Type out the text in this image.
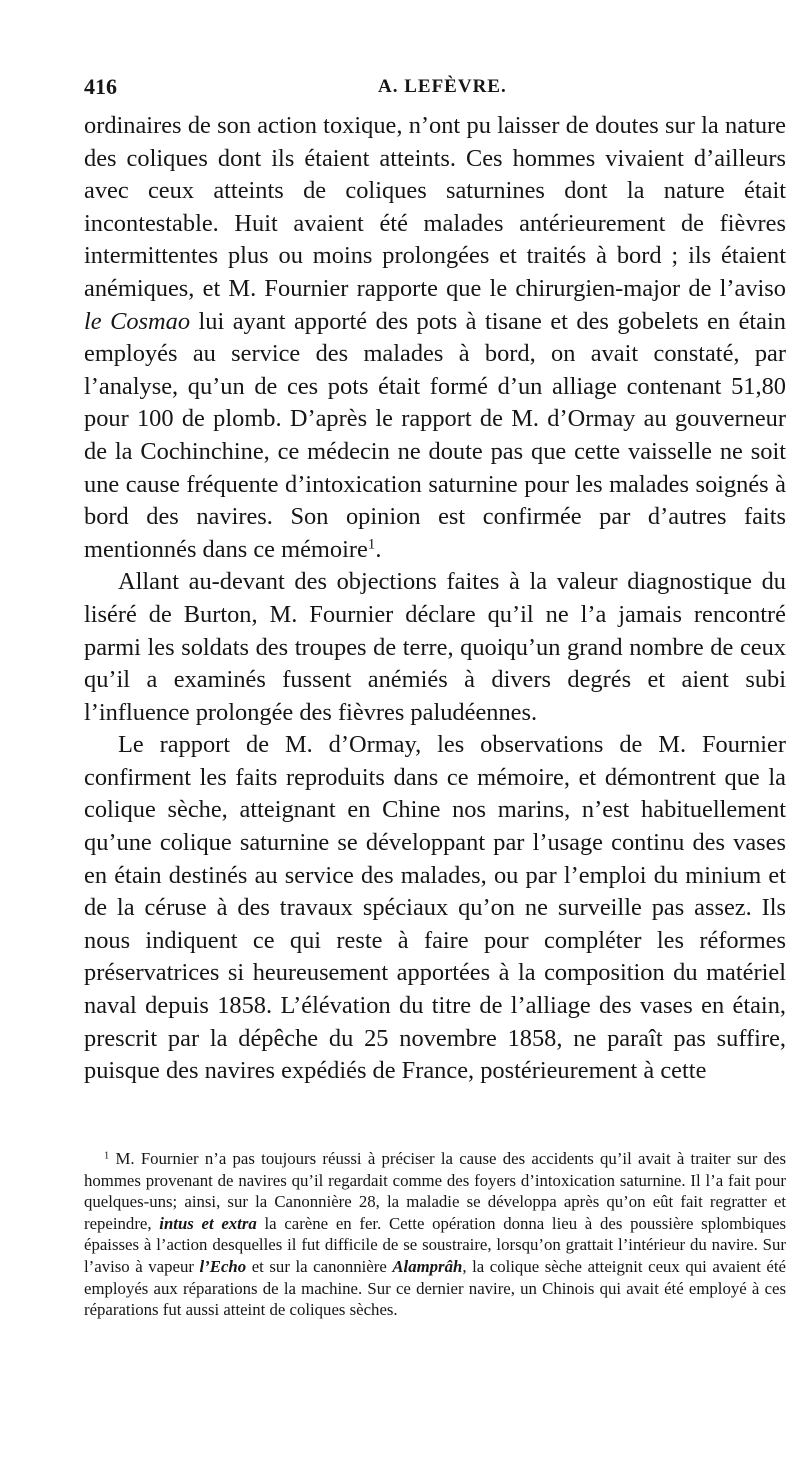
416	A. LEFÈVRE.

ordinaires de son action toxique, n’ont pu laisser de doutes sur la nature des coliques dont ils étaient atteints. Ces hommes vivaient d’ailleurs avec ceux atteints de coliques saturnines dont la nature était incontestable. Huit avaient été malades antérieurement de fièvres intermittentes plus ou moins prolongées et traités à bord ; ils étaient anémiques, et M. Fournier rapporte que le chirurgien-major de l’aviso le Cosmao lui ayant apporté des pots à tisane et des gobelets en étain employés au service des malades à bord, on avait constaté, par l’analyse, qu’un de ces pots était formé d’un alliage contenant 51,80 pour 100 de plomb. D’après le rapport de M. d’Ormay au gouverneur de la Cochinchine, ce médecin ne doute pas que cette vaisselle ne soit une cause fréquente d’intoxication saturnine pour les malades soignés à bord des navires. Son opinion est confirmée par d’autres faits mentionnés dans ce mémoire$^1$.

Allant au-devant des objections faites à la valeur diagnostique du liséré de Burton, M. Fournier déclare qu’il ne l’a jamais rencontré parmi les soldats des troupes de terre, quoiqu’un grand nombre de ceux qu’il a examinés fussent anémiés à divers degrés et aient subi l’influence prolongée des fièvres paludéennes.

Le rapport de M. d’Ormay, les observations de M. Fournier confirment les faits reproduits dans ce mémoire, et démontrent que la colique sèche, atteignant en Chine nos marins, n’est habituellement qu’une colique saturnine se développant par l’usage continu des vases en étain destinés au service des malades, ou par l’emploi du minium et de la céruse à des travaux spéciaux qu’on ne surveille pas assez. Ils nous indiquent ce qui reste à faire pour compléter les réformes préservatrices si heureusement apportées à la composition du matériel naval depuis 1858. L’élévation du titre de l’alliage des vases en étain, prescrit par la dépêche du 25 novembre 1858, ne paraît pas suffire, puisque des navires expédiés de France, postérieurement à cette

$^1$ M. Fournier n’a pas toujours réussi à préciser la cause des accidents qu’il avait à traiter sur des hommes provenant de navires qu’il regardait comme des foyers d’intoxication saturnine. Il l’a fait pour quelques-uns; ainsi, sur la Canonnière 28, la maladie se développa après qu’on eût fait regratter et repeindre, intus et extra la carène en fer. Cette opération donna lieu à des poussière splombiques épaisses à l’action desquelles il fut difficile de se soustraire, lorsqu’on grattait l’intérieur du navire. Sur l’aviso à vapeur l’Echo et sur la canonnière Alamprâh, la colique sèche atteignit ceux qui avaient été employés aux réparations de la machine. Sur ce dernier navire, un Chinois qui avait été employé à ces réparations fut aussi atteint de coliques sèches.
